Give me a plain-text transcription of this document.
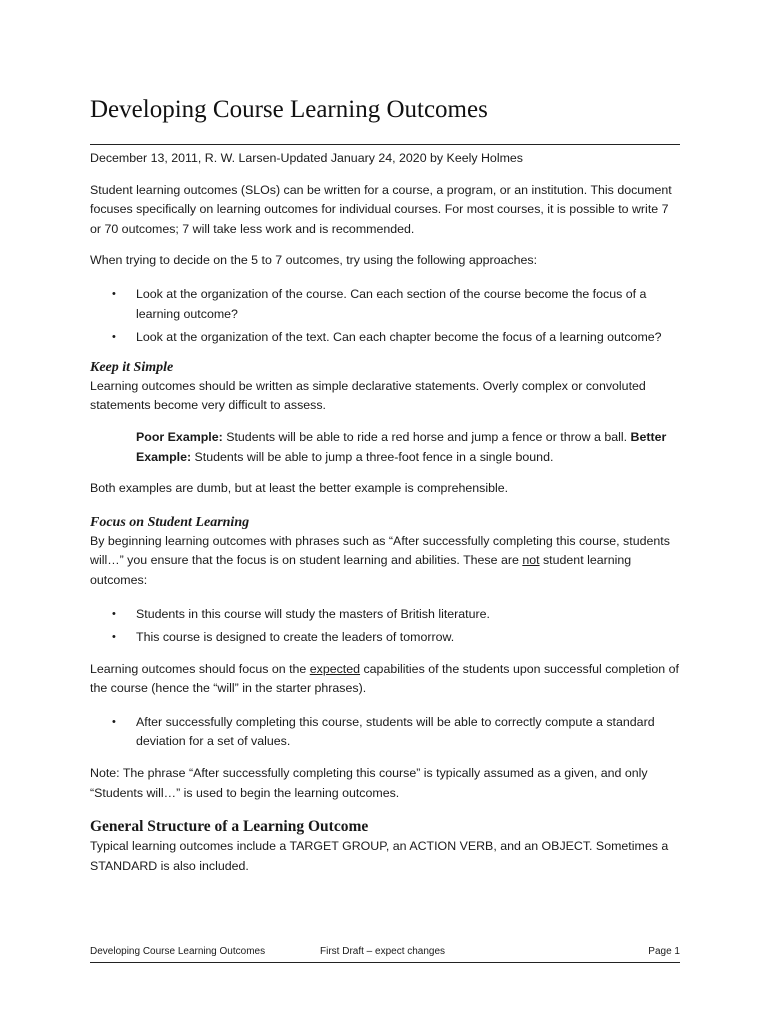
Developing Course Learning Outcomes

December 13, 2011, R. W. Larsen-Updated January 24, 2020 by Keely Holmes

Student learning outcomes (SLOs) can be written for a course, a program, or an institution. This document focuses specifically on learning outcomes for individual courses. For most courses, it is possible to write 7 or 70 outcomes; 7 will take less work and is recommended.

When trying to decide on the 5 to 7 outcomes, try using the following approaches:

• Look at the organization of the course. Can each section of the course become the focus of a learning outcome?
• Look at the organization of the text. Can each chapter become the focus of a learning outcome?
Keep it Simple

Learning outcomes should be written as simple declarative statements. Overly complex or convoluted statements become very difficult to assess.

Poor Example: Students will be able to ride a red horse and jump a fence or throw a ball. Better Example: Students will be able to jump a three-foot fence in a single bound.

Both examples are dumb, but at least the better example is comprehensible.

Focus on Student Learning

By beginning learning outcomes with phrases such as “After successfully completing this course, students will…” you ensure that the focus is on student learning and abilities. These are not student learning outcomes:

• Students in this course will study the masters of British literature.
• This course is designed to create the leaders of tomorrow.

Learning outcomes should focus on the expected capabilities of the students upon successful completion of the course (hence the “will” in the starter phrases).

• After successfully completing this course, students will be able to correctly compute a standard deviation for a set of values.

Note: The phrase “After successfully completing this course” is typically assumed as a given, and only “Students will…” is used to begin the learning outcomes.

General Structure of a Learning Outcome

Typical learning outcomes include a TARGET GROUP, an ACTION VERB, and an OBJECT. Sometimes a STANDARD is also included.

Developing Course Learning Outcomes	First Draft – expect changes	Page 1
